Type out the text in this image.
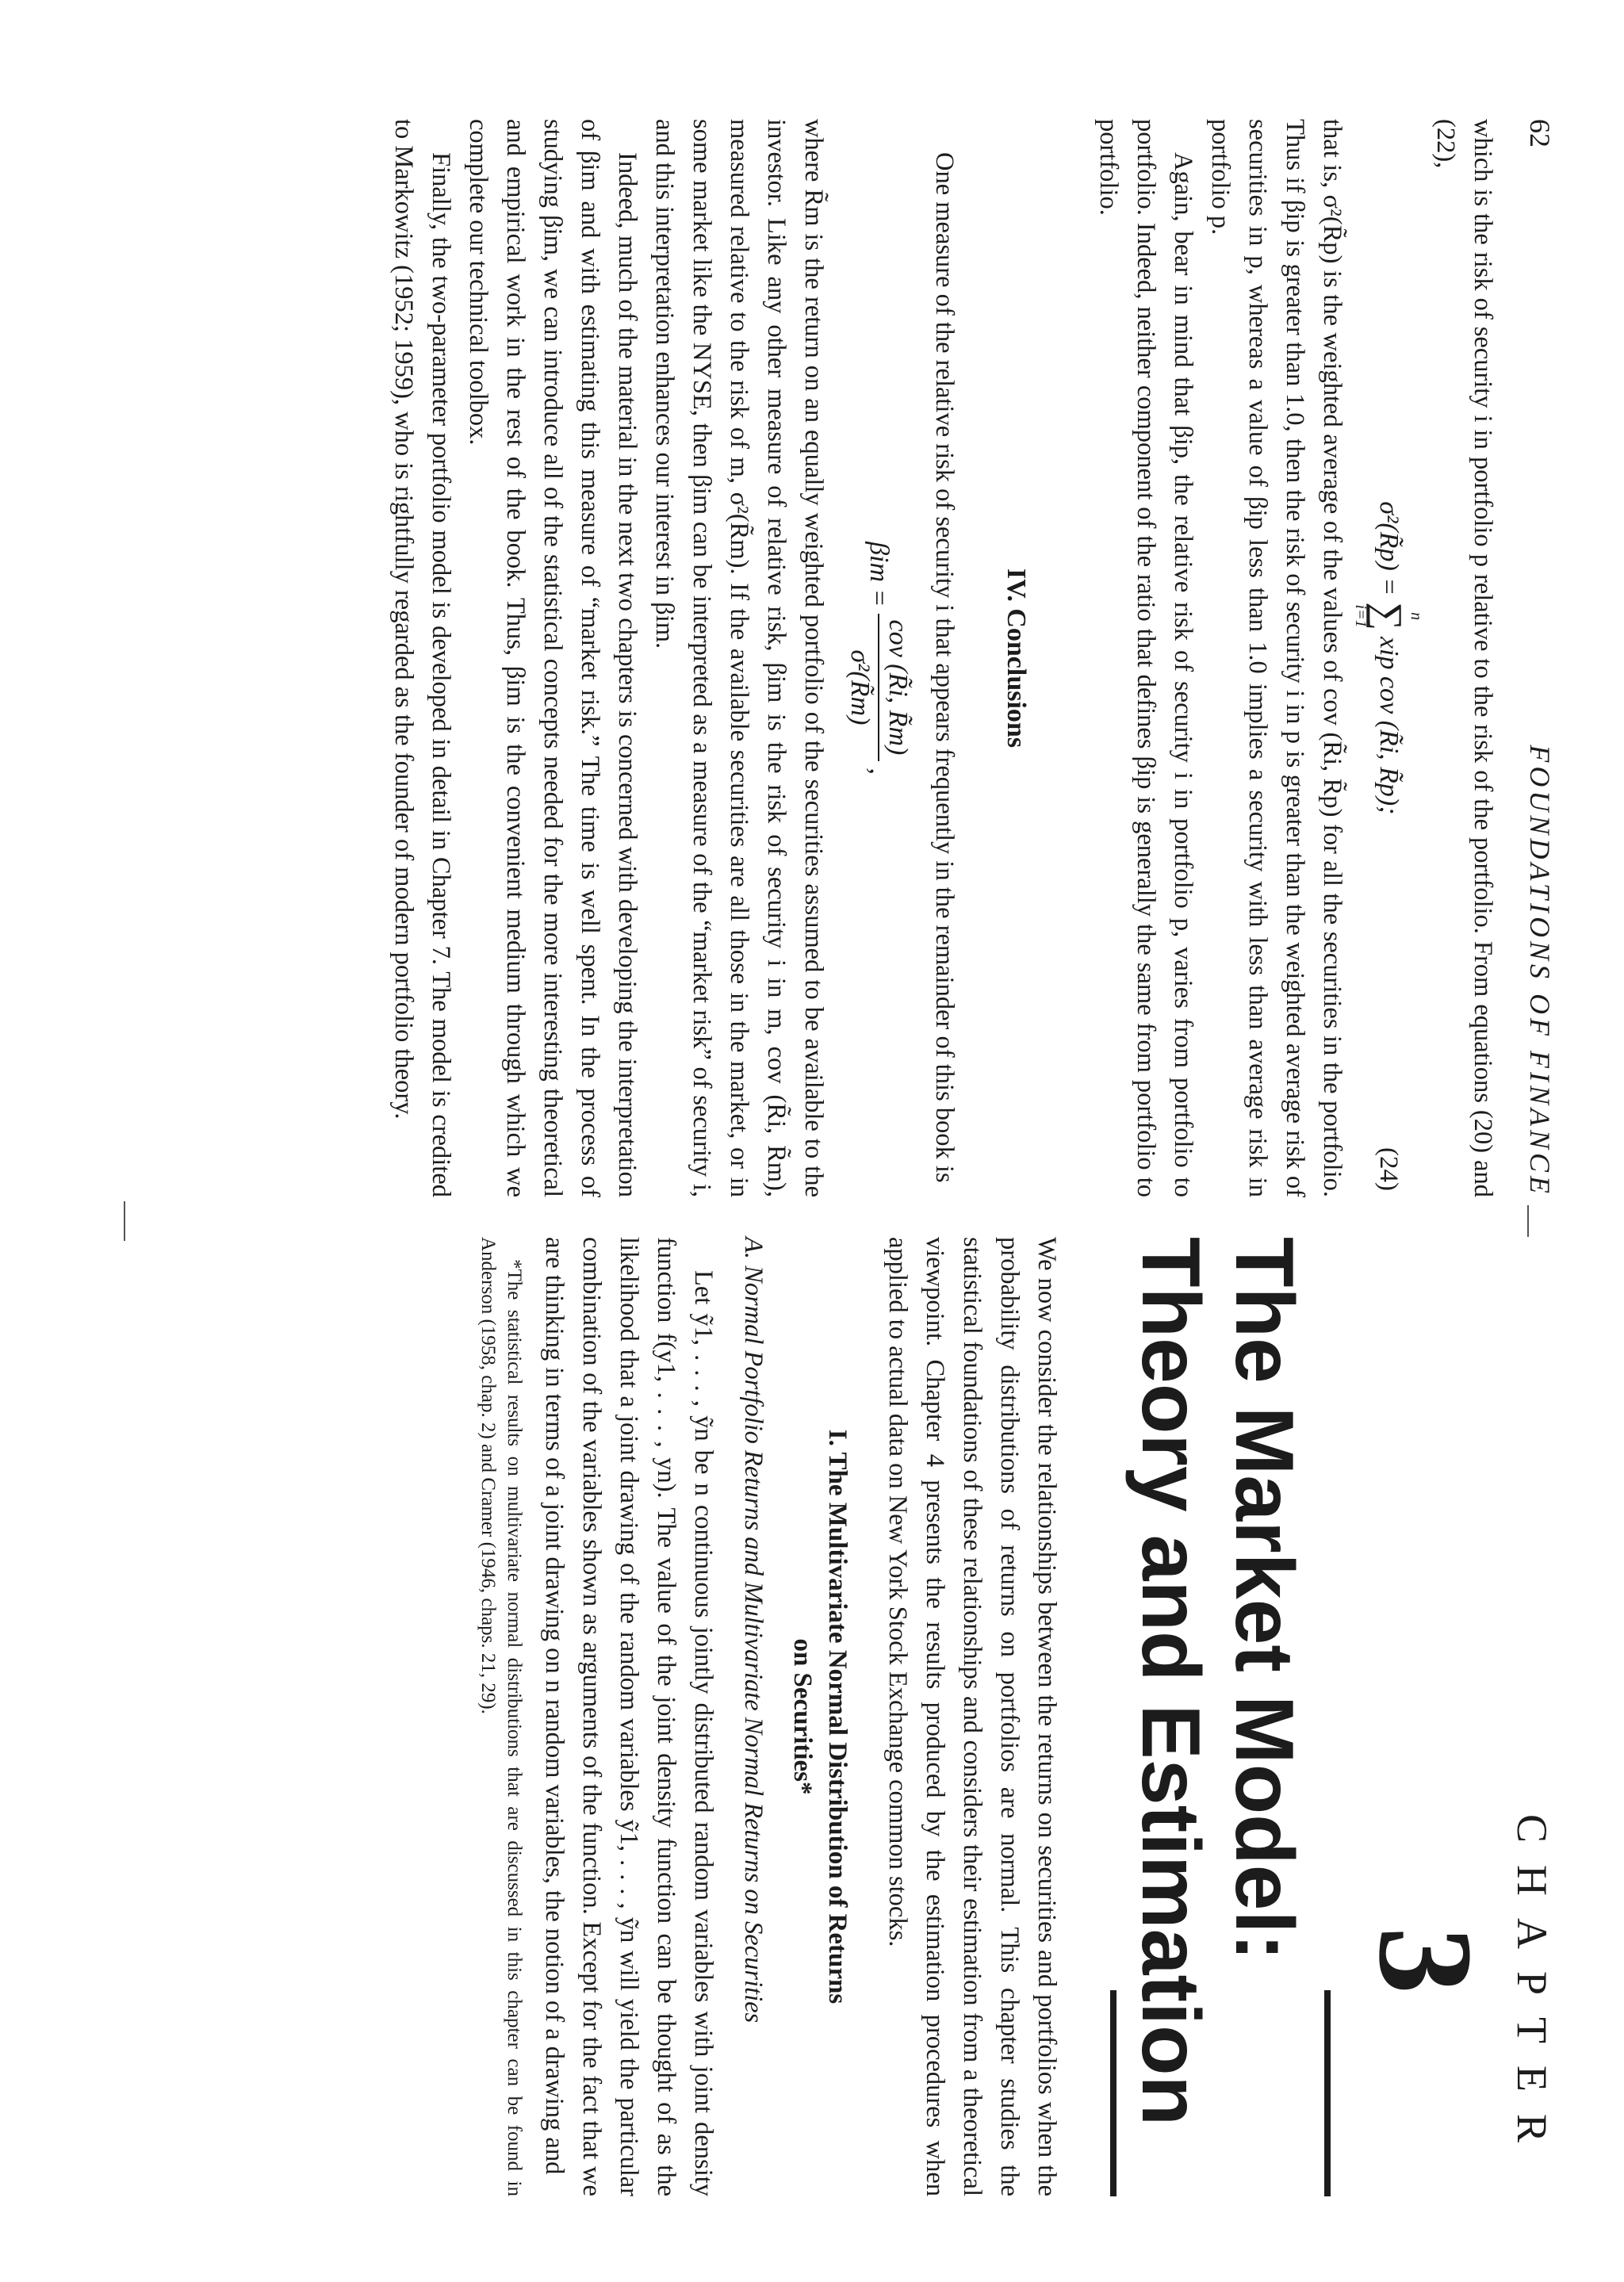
62
FOUNDATIONS OF FINANCE

which is the risk of security i in portfolio p relative to the risk of the portfolio. From equations (20) and (22),

σ²(R̃p) =
n
∑
i=1
xip cov (R̃i, R̃p);
(24)

that is, σ²(R̃p) is the weighted average of the values of cov (R̃i, R̃p) for all the securities in the portfolio. Thus if βip is greater than 1.0, then the risk of security i in p is greater than the weighted average risk of securities in p, whereas a value of βip less than 1.0 implies a security with less than average risk in portfolio p.

Again, bear in mind that βip, the relative risk of security i in portfolio p, varies from portfolio to portfolio. Indeed, neither component of the ratio that defines βip is generally the same from portfolio to portfolio.

IV. Conclusions

One measure of the relative risk of security i that appears frequently in the remainder of this book is

βim =
cov (R̃i, R̃m)
σ²(R̃m)
,

where R̃m is the return on an equally weighted portfolio of the securities assumed to be available to the investor. Like any other measure of relative risk, βim is the risk of security i in m, cov (R̃i, R̃m), measured relative to the risk of m, σ²(R̃m). If the available securities are all those in the market, or in some market like the NYSE, then βim can be interpreted as a measure of the “market risk” of security i, and this interpretation enhances our interest in βim.

Indeed, much of the material in the next two chapters is concerned with developing the interpretation of βim and with estimating this measure of “market risk.” The time is well spent. In the process of studying βim, we can introduce all of the statistical concepts needed for the more interesting theoretical and empirical work in the rest of the book. Thus, βim is the convenient medium through which we complete our technical toolbox.

Finally, the two-parameter portfolio model is developed in detail in Chapter 7. The model is credited to Markowitz (1952; 1959), who is rightfully regarded as the founder of modern portfolio theory.

CHAPTER
3
The Market Model:
Theory and Estimation

We now consider the relationships between the returns on securities and portfolios when the probability distributions of returns on portfolios are normal. This chapter studies the statistical foundations of these relationships and considers their estimation from a theoretical viewpoint. Chapter 4 presents the results produced by the estimation procedures when applied to actual data on New York Stock Exchange common stocks.

I. The Multivariate Normal Distribution of Returns
on Securities*
A. Normal Portfolio Returns and Multivariate Normal Returns on Securities

Let ỹ1, . . . , ỹn be n continuous jointly distributed random variables with joint density function f(y1, . . . , yn). The value of the joint density function can be thought of as the likelihood that a joint drawing of the random variables ỹ1, . . . , ỹn will yield the particular combination of the variables shown as arguments of the function. Except for the fact that we are thinking in terms of a joint drawing on n random variables, the notion of a drawing and

*The statistical results on multivariate normal distributions that are discussed in this chapter can be found in Anderson (1958, chap. 2) and Cramer (1946, chaps. 21, 29).
